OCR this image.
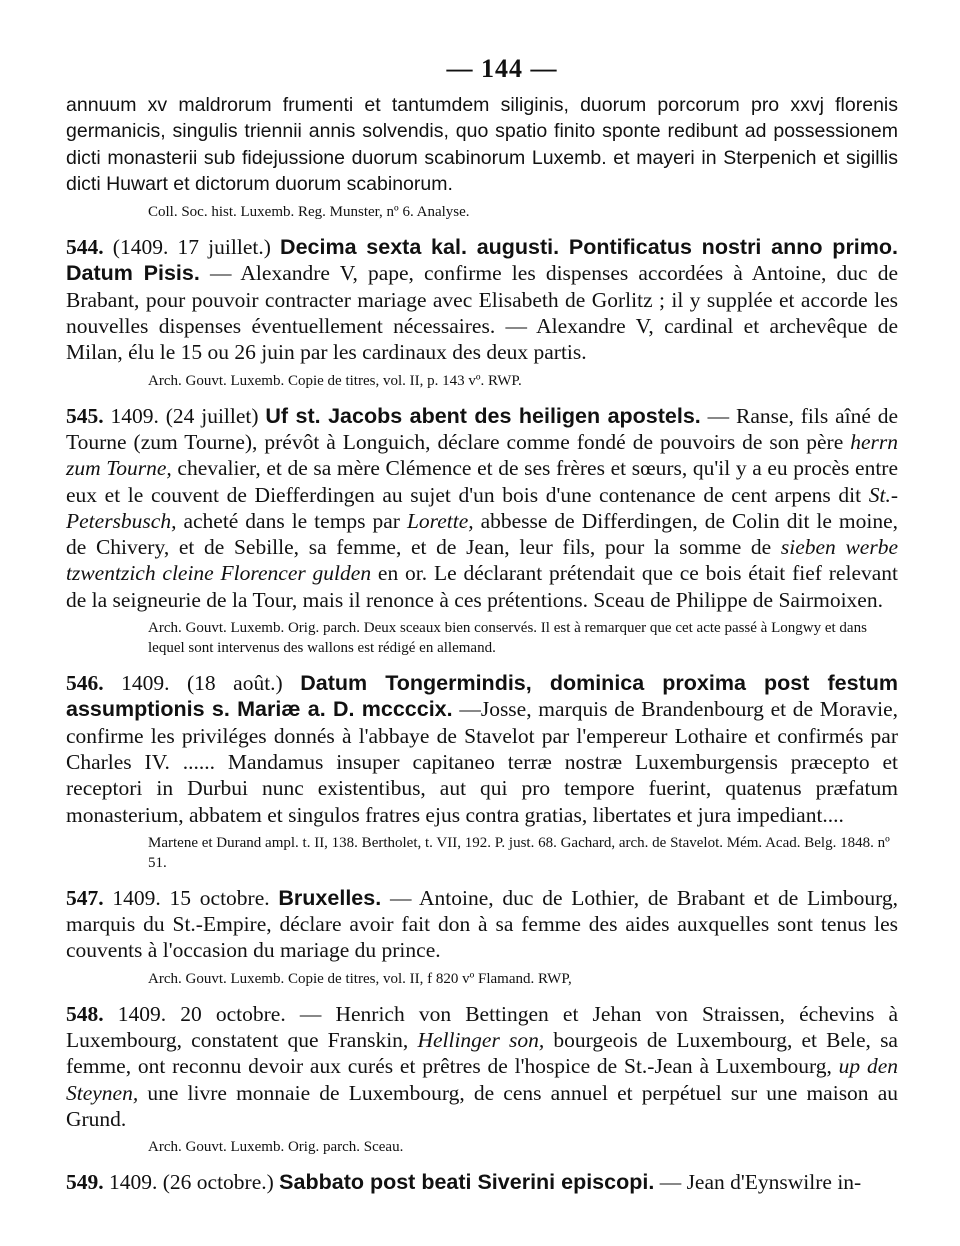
— 144 —

annuum xv maldrorum frumenti et tantumdem siliginis, duorum porcorum pro xxvj florenis germanicis, singulis triennii annis solvendis, quo spatio finito sponte redibunt ad possessionem dicti monasterii sub fidejussione duorum scabinorum Luxemb. et mayeri in Sterpenich et sigillis dicti Huwart et dictorum duorum scabinorum.

Coll. Soc. hist. Luxemb. Reg. Munster, nº 6. Analyse.

544. (1409. 17 juillet.) Decima sexta kal. augusti. Pontificatus nostri anno primo. Datum Pisis. — Alexandre V, pape, confirme les dispenses accordées à Antoine, duc de Brabant, pour pouvoir contracter mariage avec Elisabeth de Gorlitz ; il y supplée et accorde les nouvelles dispenses éventuellement nécessaires. — Alexandre V, cardinal et archevêque de Milan, élu le 15 ou 26 juin par les cardinaux des deux partis.

Arch. Gouvt. Luxemb. Copie de titres, vol. II, p. 143 vº. RWP.

545. 1409. (24 juillet) Uf st. Jacobs abent des heiligen apostels. — Ranse, fils aîné de Tourne (zum Tourne), prévôt à Longuich, déclare comme fondé de pouvoirs de son père herrn zum Tourne, chevalier, et de sa mère Clémence et de ses frères et sœurs, qu'il y a eu procès entre eux et le couvent de Diefferdingen au sujet d'un bois d'une contenance de cent arpens dit St.-Petersbusch, acheté dans le temps par Lorette, abbesse de Differdingen, de Colin dit le moine, de Chivery, et de Sebille, sa femme, et de Jean, leur fils, pour la somme de sieben werbe tzwentzich cleine Florencer gulden en or. Le déclarant prétendait que ce bois était fief relevant de la seigneurie de la Tour, mais il renonce à ces prétentions. Sceau de Philippe de Sairmoixen.

Arch. Gouvt. Luxemb. Orig. parch. Deux sceaux bien conservés. Il est à remarquer que cet acte passé à Longwy et dans lequel sont intervenus des wallons est rédigé en allemand.

546. 1409. (18 août.) Datum Tongermindis, dominica proxima post festum assumptionis s. Mariæ a. D. mccccix. —Josse, marquis de Brandenbourg et de Moravie, confirme les priviléges donnés à l'abbaye de Stavelot par l'empereur Lothaire et confirmés par Charles IV. ...... Mandamus insuper capitaneo terræ nostræ Luxemburgensis præcepto et receptori in Durbui nunc existentibus, aut qui pro tempore fuerint, quatenus præfatum monasterium, abbatem et singulos fratres ejus contra gratias, libertates et jura impediant....

Martene et Durand ampl. t. II, 138. Bertholet, t. VII, 192. P. just. 68. Gachard, arch. de Stavelot. Mém. Acad. Belg. 1848. nº 51.

547. 1409. 15 octobre. Bruxelles. — Antoine, duc de Lothier, de Brabant et de Limbourg, marquis du St.-Empire, déclare avoir fait don à sa femme des aides auxquelles sont tenus les couvents à l'occasion du mariage du prince.

Arch. Gouvt. Luxemb. Copie de titres, vol. II, f 820 vº Flamand. RWP,

548. 1409. 20 octobre. — Henrich von Bettingen et Jehan von Straissen, échevins à Luxembourg, constatent que Franskin, Hellinger son, bourgeois de Luxembourg, et Bele, sa femme, ont reconnu devoir aux curés et prêtres de l'hospice de St.-Jean à Luxembourg, up den Steynen, une livre monnaie de Luxembourg, de cens annuel et perpétuel sur une maison au Grund.

Arch. Gouvt. Luxemb. Orig. parch. Sceau.

549. 1409. (26 octobre.) Sabbato post beati Siverini episcopi. — Jean d'Eynswilre in-
